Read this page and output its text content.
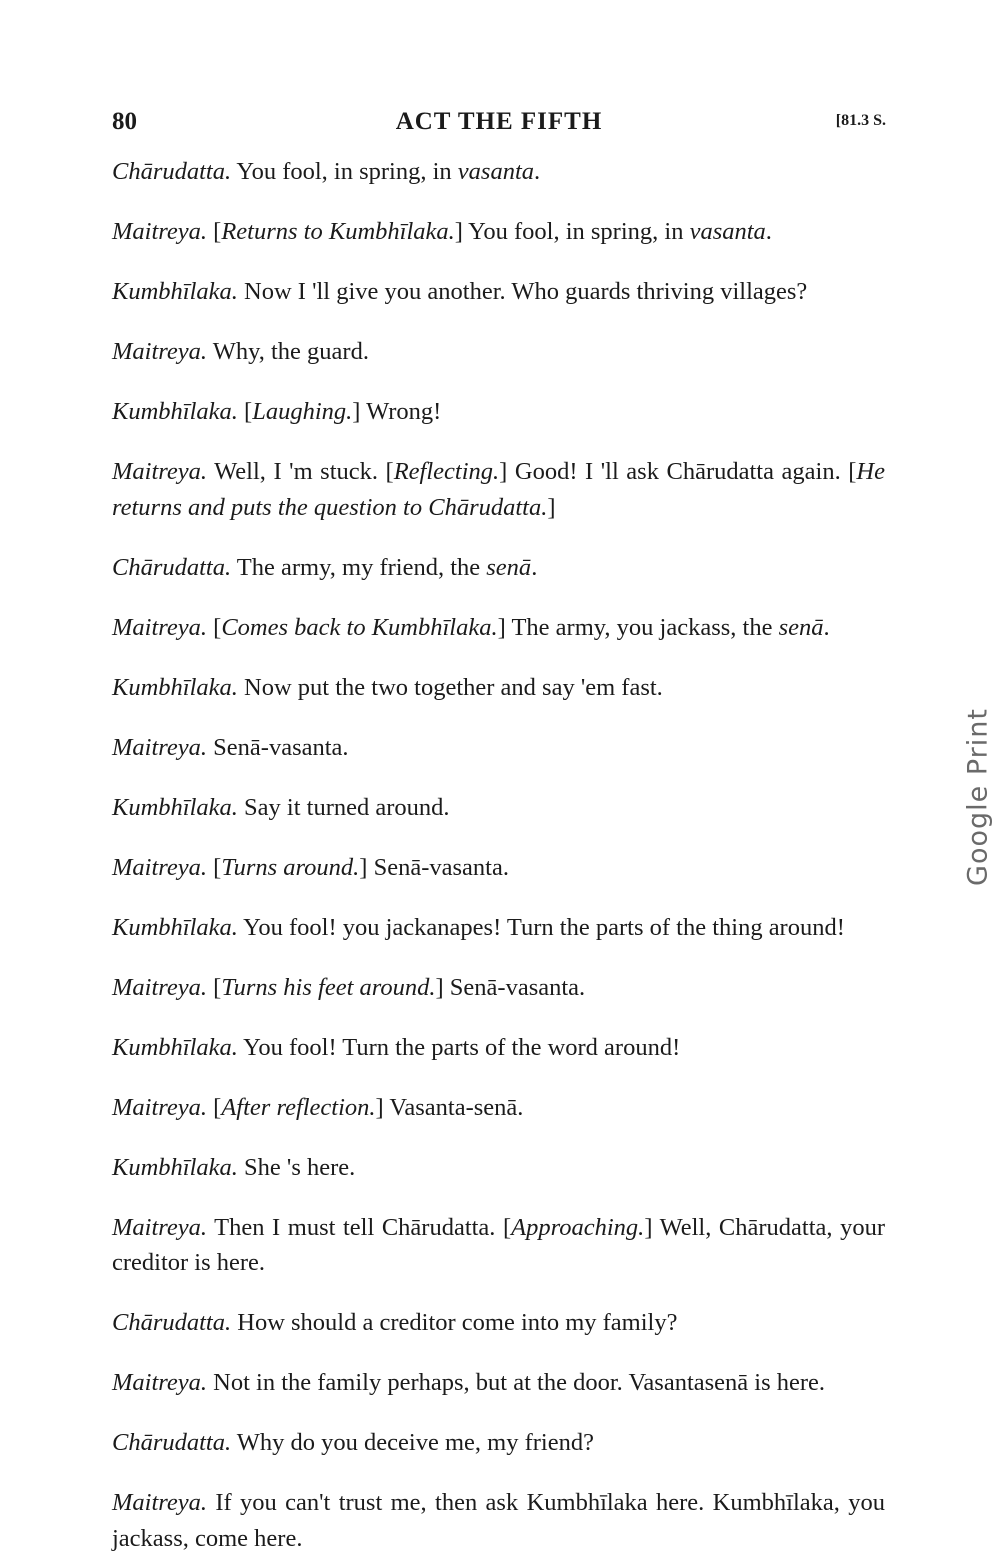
80	ACT THE FIFTH	[81.3 S.

Chārudatta. You fool, in spring, in vasanta.

Maitreya. [Returns to Kumbhīlaka.] You fool, in spring, in vasanta.

Kumbhīlaka. Now I 'll give you another. Who guards thriving villages?

Maitreya. Why, the guard.

Kumbhīlaka. [Laughing.] Wrong!

Maitreya. Well, I 'm stuck. [Reflecting.] Good! I 'll ask Chārudatta again. [He returns and puts the question to Chārudatta.]

Chārudatta. The army, my friend, the senā.

Maitreya. [Comes back to Kumbhīlaka.] The army, you jackass, the senā.

Kumbhīlaka. Now put the two together and say 'em fast.

Maitreya. Senā-vasanta.

Kumbhīlaka. Say it turned around.

Maitreya. [Turns around.] Senā-vasanta.

Kumbhīlaka. You fool! you jackanapes! Turn the parts of the thing around!

Maitreya. [Turns his feet around.] Senā-vasanta.

Kumbhīlaka. You fool! Turn the parts of the word around!

Maitreya. [After reflection.] Vasanta-senā.

Kumbhīlaka. She 's here.

Maitreya. Then I must tell Chārudatta. [Approaching.] Well, Chārudatta, your creditor is here.

Chārudatta. How should a creditor come into my family?

Maitreya. Not in the family perhaps, but at the door. Vasantasenā is here.

Chārudatta. Why do you deceive me, my friend?

Maitreya. If you can't trust me, then ask Kumbhīlaka here. Kumbhīlaka, you jackass, come here.

Google Print
